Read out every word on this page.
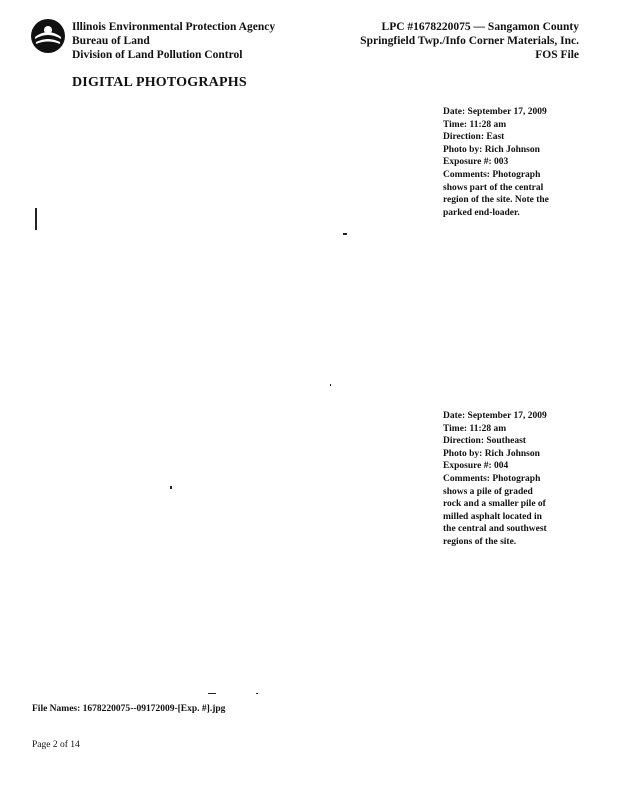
Illinois Environmental Protection Agency
Bureau of Land
Division of Land Pollution Control
LPC #1678220075 — Sangamon County
Springfield Twp./Info Corner Materials, Inc.
FOS File
DIGITAL PHOTOGRAPHS
Date: September 17, 2009
Time: 11:28 am
Direction: East
Photo by: Rich Johnson
Exposure #: 003
Comments: Photograph
shows part of the central
region of the site. Note the
parked end-loader.
Date: September 17, 2009
Time: 11:28 am
Direction: Southeast
Photo by: Rich Johnson
Exposure #: 004
Comments: Photograph
shows a pile of graded
rock and a smaller pile of
milled asphalt located in
the central and southwest
regions of the site.
File Names: 1678220075--09172009-[Exp. #].jpg
Page 2 of 14
